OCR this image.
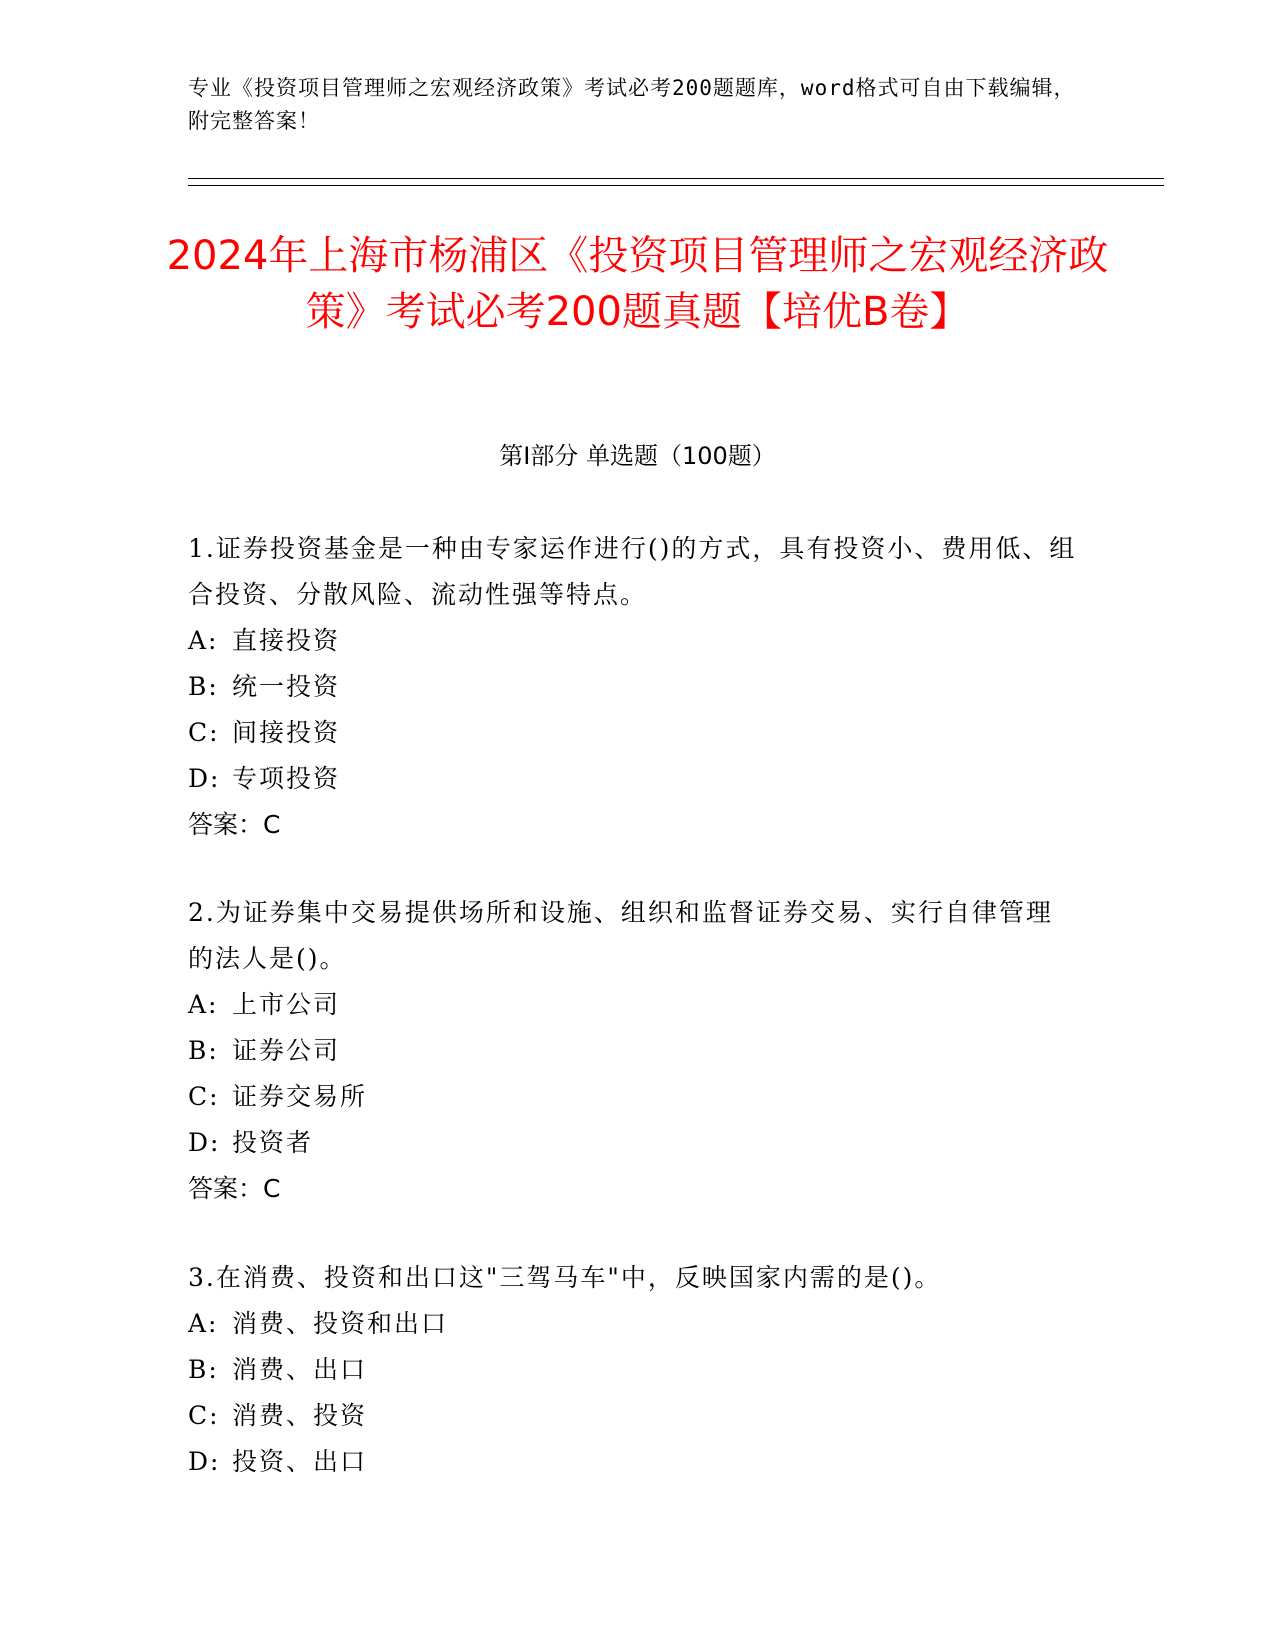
专业《投资项目管理师之宏观经济政策》考试必考200题题库，word格式可自由下载编辑，附完整答案！
2024年上海市杨浦区《投资项目管理师之宏观经济政策》考试必考200题真题【培优B卷】
第Ⅰ部分 单选题（100题）
1.证券投资基金是一种由专家运作进行()的方式，具有投资小、费用低、组合投资、分散风险、流动性强等特点。
A: 直接投资
B: 统一投资
C: 间接投资
D: 专项投资
答案：C
2.为证券集中交易提供场所和设施、组织和监督证券交易、实行自律管理的法人是()。
A: 上市公司
B: 证券公司
C: 证券交易所
D: 投资者
答案：C
3.在消费、投资和出口这"三驾马车"中，反映国家内需的是()。
A: 消费、投资和出口
B: 消费、出口
C: 消费、投资
D: 投资、出口
